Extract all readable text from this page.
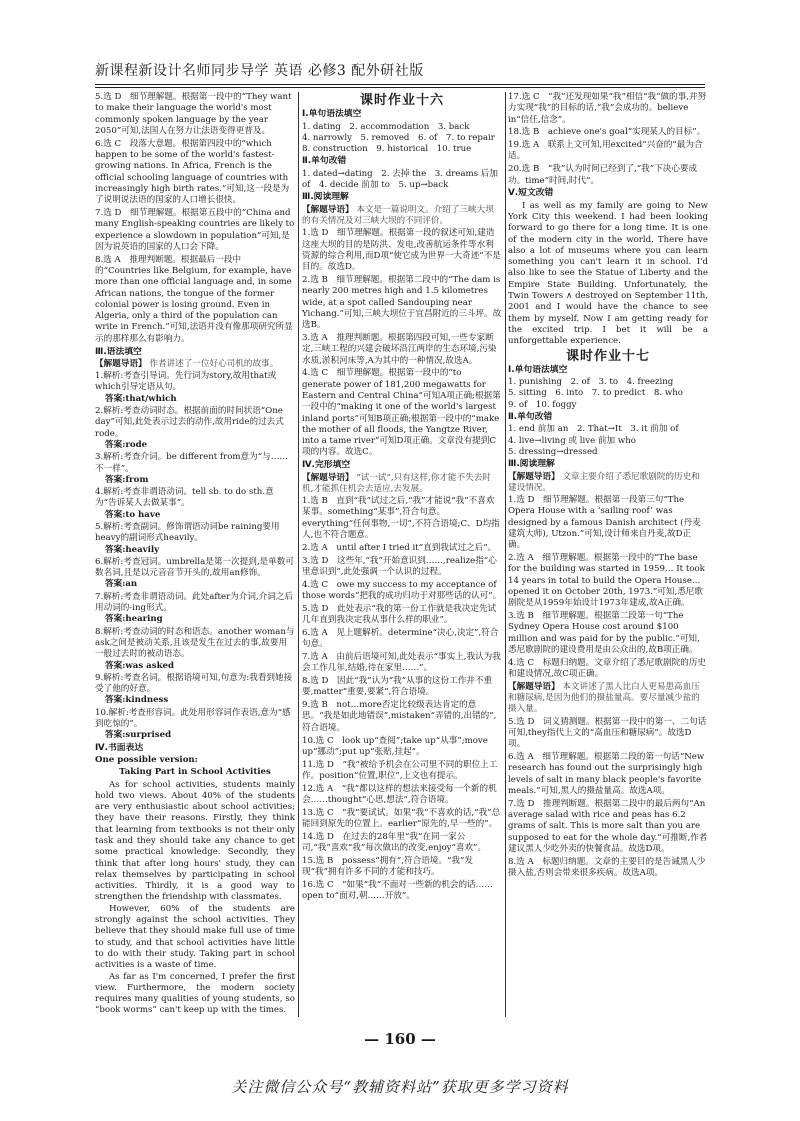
新课程新设计名师同步导学 英语 必修3 配外研社版
5.选 D　细节理解题。根据第一段中的“They want to make their language the world's most commonly spoken language by the year 2050”可知,法国人在努力让法语变得更普及。
6.选 C　段落大意题。根据第四段中的“which happen to be some of the world's fastest-growing nations. In Africa, French is the official schooling language of countries with increasingly high birth rates.”可知,这一段是为了说明说法语的国家的人口增长很快。
7.选 D　细节理解题。根据第五段中的“China and many English-speaking countries are likely to experience a slowdown in population”可知,是因为说英语的国家的人口会下降。
8.选 A　推理判断题。根据最后一段中的“Countries like Belgium, for example, have more than one official language and, in some African nations, the tongue of the former colonial power is losing ground. Even in Algeria, only a third of the population can write in French.”可知,法语并没有像那项研究所显示的那样那么有影响力。
Ⅲ.语法填空
【解题导语】 作者讲述了一位好心司机的故事。
1.解析:考查引导词。先行词为story,故用that或which引导定语从句。
答案:that/which
2.解析:考查动词时态。根据前面的时间状语“One day”可知,此处表示过去的动作,故用ride的过去式rode。
答案:rode
3.解析:考查介词。be different from意为“与……不一样”。
答案:from
4.解析:考查非谓语动词。tell sb. to do sth.意为“告诉某人去做某事”。
答案:to have
5.解析:考查副词。修饰谓语动词be raining要用heavy的副词形式heavily。
答案:heavily
6.解析:考查冠词。umbrella是第一次提到,是单数可数名词,且是以元音音节开头的,故用an修饰。
答案:an
7.解析:考查非谓语动词。此处after为介词,介词之后用动词的-ing形式。
答案:hearing
8.解析:考查动词的时态和语态。another woman与ask之间是被动关系,且该是发生在过去的事,故要用一般过去时的被动语态。
答案:was asked
9.解析:考查名词。根据语境可知,句意为:我看到她接受了他的好意。
答案:kindness
10.解析:考查形容词。此处用形容词作表语,意为“感到吃惊的”。
答案:surprised
Ⅳ.书面表达
One possible version:
Taking Part in School Activities
As for school activities, students mainly hold two views. About 40% of the students are very enthusiastic about school activities; they have their reasons. Firstly, they think that learning from textbooks is not their only task and they should take any chance to get some practical knowledge. Secondly, they think that after long hours' study, they can relax themselves by participating in school activities. Thirdly, it is a good way to strengthen the friendship with classmates.
However, 60% of the students are strongly against the school activities. They believe that they should make full use of time to study, and that school activities have little to do with their study. Taking part in school activities is a waste of time.
As far as I'm concerned, I prefer the first view. Furthermore, the modern society requires many qualities of young students, so “book worms” can't keep up with the times.
课时作业十六
Ⅰ.单句语法填空
1. dating　2. accommodation　3. back
4. narrowly　5. removed　6. of　7. to repair
8. construction　9. historical　10. true
Ⅱ.单句改错
1. dated→dating　2. 去掉 the　3. dreams 后加 of　4. decide 前加 to　5. up→back
Ⅲ.阅读理解
【解题导语】 本文是一篇说明文。介绍了三峡大坝的有关情况及对三峡大坝的不同评价。
1.选 D　细节理解题。根据第一段的叙述可知,建造这座大坝的目的是防洪、发电,改善航运条件等水利资源的综合利用,而D项“使它成为世界一大奇迹”不是目的。故选D。
2.选 B　细节理解题。根据第二段中的“The dam is nearly 200 metres high and 1.5 kilometres wide, at a spot called Sandouping near Yichang.”可知,三峡大坝位于宜昌附近的三斗坪。故选B。
3.选 A　推理判断题。根据第四段可知,一些专家断定,三峡工程的兴建会破坏沿江两岸的生态环境,污染水质,淤积河床等,A为其中的一种情况,故选A。
4.选 C　细节理解题。根据第一段中的“to generate power of 181,200 megawatts for Eastern and Central China”可知A项正确;根据第一段中的“making it one of the world's largest inland ports”可知B项正确;根据第一段中的“make the mother of all floods, the Yangtze River, into a tame river”可知D项正确。文章没有提到C项的内容。故选C。
Ⅳ.完形填空
【解题导语】 “试一试”,只有这样,你才能不失去时机,才能抓住机会去适应,去发展。
1.选 B　直到“我”试过之后,“我”才能说“我”不喜欢某事。something“某事”,符合句意。everything“任何事物,一切”,不符合语境;C、D均指人,也不符合题意。
2.选 A　until after I tried it“直到我试过之后”。
3.选 D　这些年,“我”开始意识到……,realize指“心里意识到”,此处强调一个认识的过程。
4.选 C　owe my success to my acceptance of those words“把我的成功归功于对那些话的认可”。
5.选 D　此处表示“我的第一份工作就是我决定先试几年直到我决定我从事什么样的职业”。
6.选 A　见上题解析。determine“决心,决定”,符合句意。
7.选 A　由前后语境可知,此处表示“事实上,我认为我会工作几年,结婚,待在家里……”。
8.选 D　因此“我”认为“我”从事的这份工作并不重要,matter“重要,要紧”,符合语境。
9.选 B　not…more否定比较级表达肯定的意思。“我是如此地错误”,mistaken“弄错的,出错的”,符合语境。
10.选 C　look up“查阅”;take up“从事”;move up“挪动”;put up“张贴,挂起”。
11.选 D　“我”被给予机会在公司里不同的职位上工作。position“位置,职位”,上文也有提示。
12.选 A　“我”都以这样的想法来接受每一个新的机会……thought“心思,想法”,符合语境。
13.选 C　“我”要试试。如果“我”不喜欢的话,“我”总能回到原先的位置上。earlier“原先的,早一些的”。
14.选 D　在过去的28年里“我”在同一家公司,“我”喜欢“我”每次做出的改变,enjoy“喜欢”。
15.选 B　possess“拥有”,符合语境。“我”发现“我”拥有许多不同的才能和技巧。
16.选 C　“如果”我“不面对一些新的机会的话……open to“面对,朝……开放”。
17.选 C　“我”还发现如果“我”相信“我”做的事,并努力实现“我”的目标的话,“我”会成功的。believe in“信任,信念”。
18.选 B　achieve one's goal“实现某人的目标”。
19.选 A　联系上文可知,用excited“兴奋的”最为合适。
20.选 B　“我”认为时间已经到了,“我”下决心要成功。time“时间,时代”。
Ⅴ.短文改错
I as well as my family are going to New York City this weekend. I had been looking forward to go there for a long time. It is one of the modern city in the world. There have also a lot of museums where you can learn something you can't learn it in school. I'd also like to see the Statue of Liberty and the Empire State Building. Unfortunately, the Twin Towers ∧ destroyed on September 11th, 2001 and I would have the chance to see them by myself. Now I am getting ready for the excited trip. I bet it will be a unforgettable experience.
课时作业十七
Ⅰ.单句语法填空
1. punishing　2. of　3. to　4. freezing
5. sitting　6. into　7. to predict　8. who
9. of　10. foggy
Ⅱ.单句改错
1. end 前加 an　2. That→It　3. it 前加 of
4. live→living 或 live 前加 who
5. dressing→dressed
Ⅲ.阅读理解
【解题导语】 文章主要介绍了悉尼歌剧院的历史和建设情况。
1.选 D　细节理解题。根据第一段第三句“The Opera House with a ‘sailing roof’ was designed by a famous Danish architect (丹麦建筑大师), Utzon.”可知,设计师来自丹麦,故D正确。
2.选 A　细节理解题。根据第一段中的“The base for the building was started in 1959… It took 14 years in total to build the Opera House… opened it on October 20th, 1973.”可知,悉尼歌剧院是从1959年始设计1973年建成,故A正确。
3.选 B　细节理解题。根据第二段第一句“The Sydney Opera House cost around $100 million and was paid for by the public.”可知,悉尼歌剧院的建设费用是由公众出的,故B项正确。
4.选 C　标题归纳题。文章介绍了悉尼歌剧院的历史和建设情况,故C项正确。
【解题导语】 本文讲述了黑人比白人更易患高血压和糖尿病,是因为他们的摄盐量高。要尽量减少盐的摄入量。
5.选 D　词义猜测题。根据第一段中的第一、二句话可知,they指代上文的“高血压和糖尿病”。故选D项。
6.选 A　细节理解题。根据第二段的第一句话“New research has found out the surprisingly high levels of salt in many black people's favorite meals.”可知,黑人的摄盐量高。故选A项。
7.选 D　推理判断题。根据第二段中的最后两句“An average salad with rice and peas has 6.2 grams of salt. This is more salt than you are supposed to eat for the whole day.”可推断,作者建议黑人少吃外卖的快餐食品。故选D项。
8.选 A　标题归纳题。文章的主要目的是告诫黑人少摄入盐,否则会带来很多疾病。故选A项。
— 160 —
关注微信公众号“教辅资料站”获取更多学习资料
